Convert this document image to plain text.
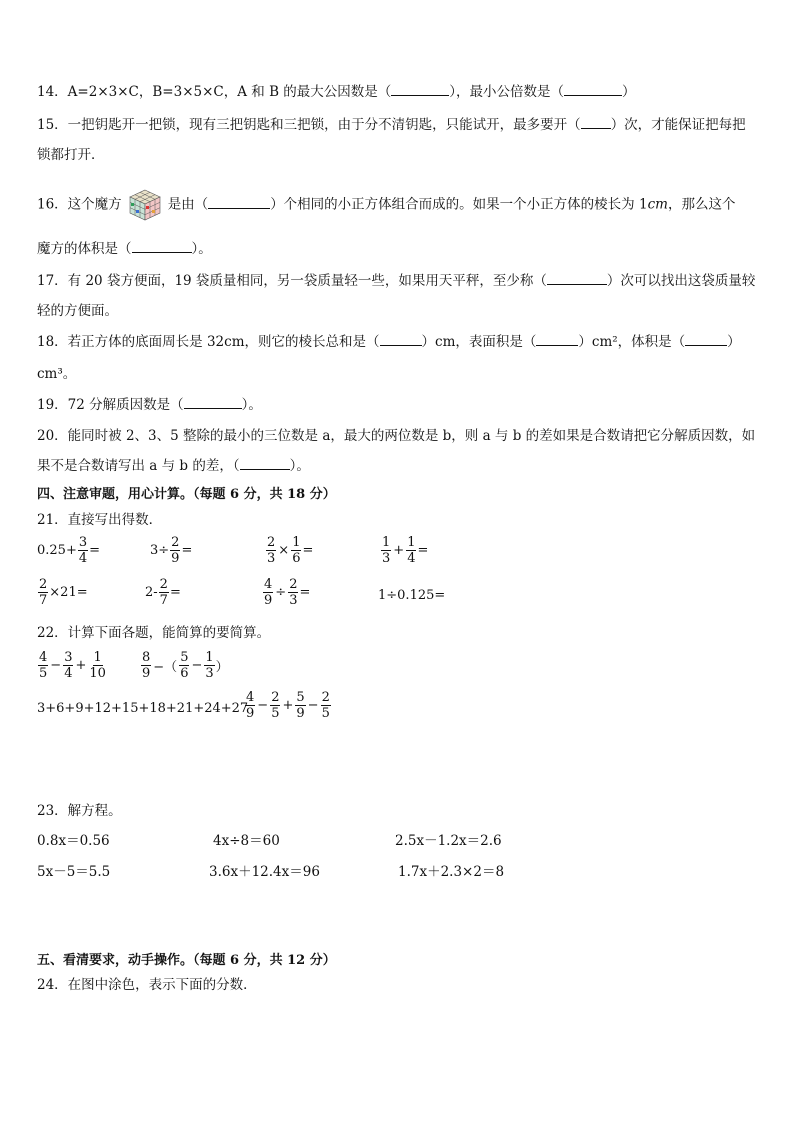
14．A=2×3×C，B=3×5×C，A 和 B 的最大公因数是（	），最小公倍数是（	）
15．一把钥匙开一把锁，现有三把钥匙和三把锁，由于分不清钥匙，只能试开，最多要开（ ）次，才能保证把每把锁都打开．
16．这个魔方	是由（	）个相同的小正方体组合而成的。如果一个小正方体的棱长为 1cm，那么这个
魔方的体积是（	）。
17．有 20 袋方便面，19 袋质量相同，另一袋质量轻一些，如果用天平秤，至少称（	）次可以找出这袋质量较轻的方便面。
18．若正方体的底面周长是 32cm，则它的棱长总和是（	）cm，表面积是（	）cm²，体积是（	）
cm³。
19．72 分解质因数是（	）。
20．能同时被 2、3、5 整除的最小的三位数是 a，最大的两位数是 b，则 a 与 b 的差如果是合数请把它分解质因数，如果不是合数请写出 a 与 b 的差，（	）。
四、注意审题，用心计算。（每题 6 分，共 18 分）
21．直接写出得数．
$0.25+ \frac{3}{4}$ =	$3\div \frac{2}{9}$ =	$\frac{2}{3} \times \frac{1}{6}$ =	$\frac{1}{3} + \frac{1}{4}$ =
$\frac{2}{7} \times 21=$	$2- \frac{2}{7}$ =	$\frac{4}{9} \div \frac{2}{3}$ =	1÷0.125=
22．计算下面各题，能简算的要简算。
$\frac{4}{5} - \frac{3}{4} + \frac{1}{10}$	$\frac{8}{9}$ −（ $\frac{5}{6} - \frac{1}{3}$ ）
3+6+9+12+15+18+21+24+27
$\frac{4}{9} - \frac{2}{5} + \frac{5}{9} - \frac{2}{5}$
23．解方程。
0.8x＝0.56	4x÷8＝60	2.5x－1.2x＝2.6
5x－5＝5.5	3.6x＋12.4x＝96	1.7x＋2.3×2＝8
五、看清要求，动手操作。（每题 6 分，共 12 分）
24．在图中涂色，表示下面的分数．
